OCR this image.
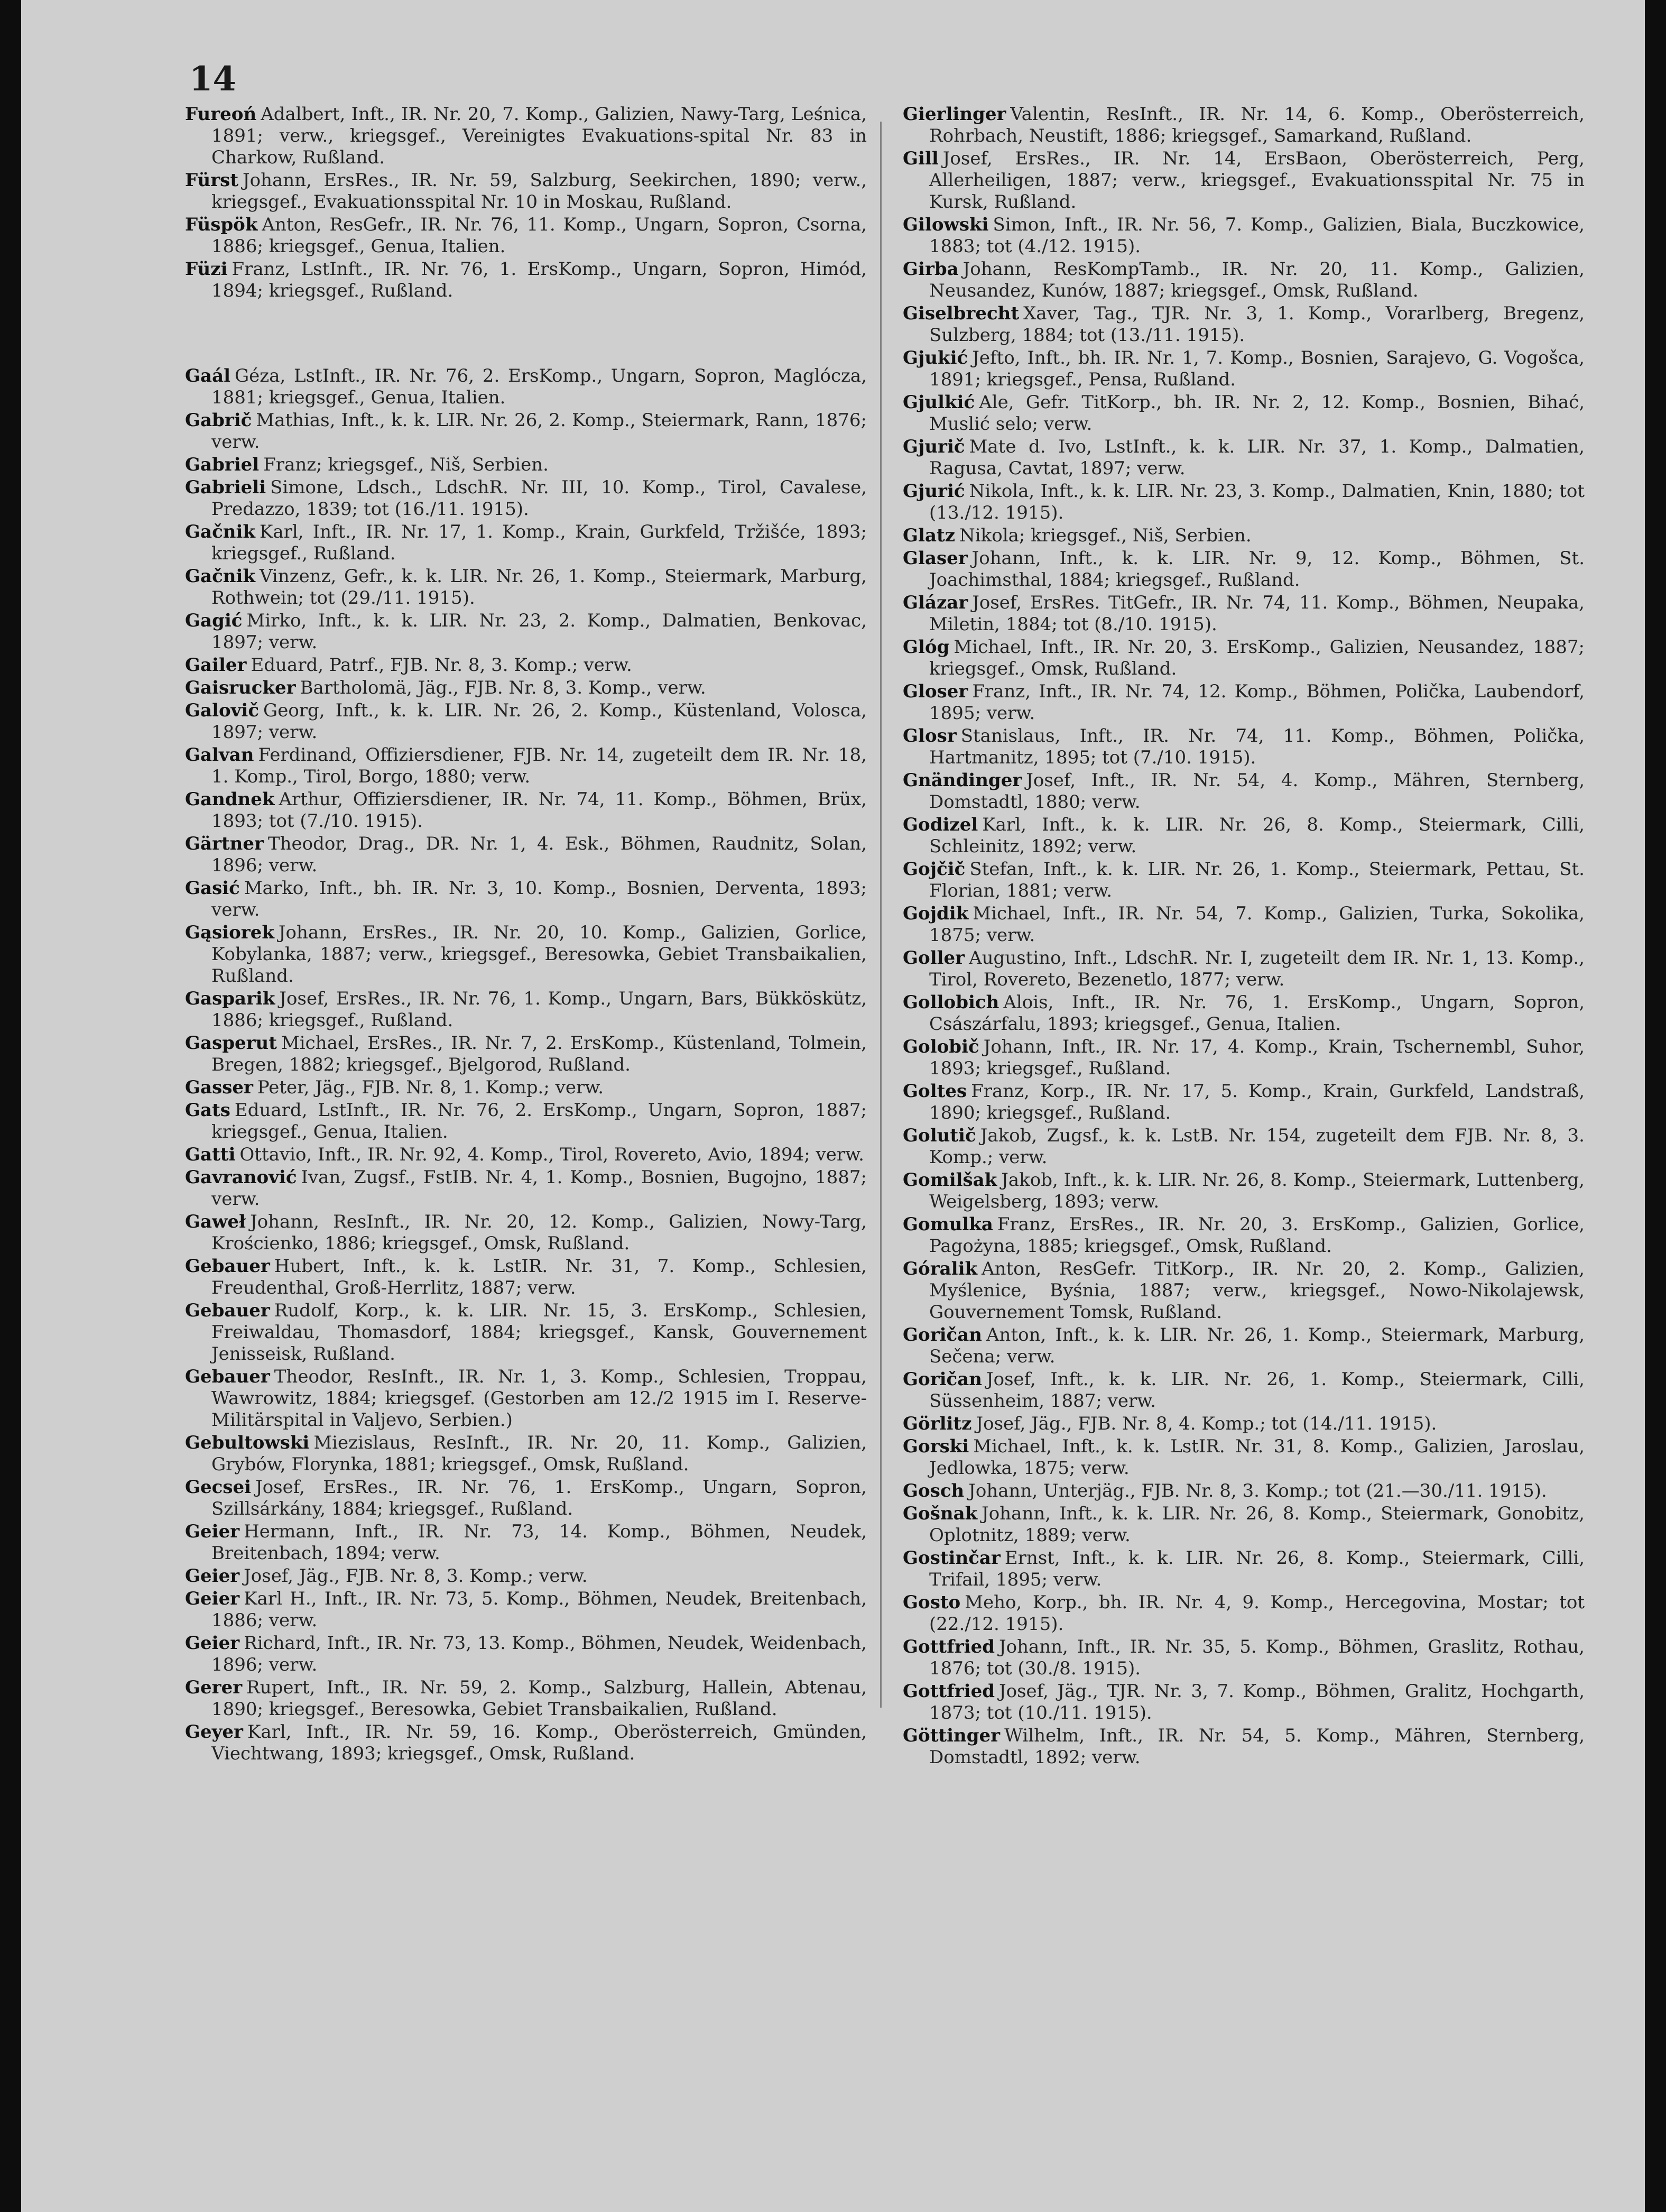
14

Fureoń Adalbert, Inft., IR. Nr. 20, 7. Komp., Galizien, Nawy-Targ, Leśnica, 1891; verw., kriegsgef., Vereinigtes Evakuations-spital Nr. 83 in Charkow, Rußland.

Fürst Johann, ErsRes., IR. Nr. 59, Salzburg, Seekirchen, 1890; verw., kriegsgef., Evakuationsspital Nr. 10 in Moskau, Rußland.

Füspök Anton, ResGefr., IR. Nr. 76, 11. Komp., Ungarn, Sopron, Csorna, 1886; kriegsgef., Genua, Italien.

Füzi Franz, LstInft., IR. Nr. 76, 1. ErsKomp., Ungarn, Sopron, Himód, 1894; kriegsgef., Rußland.

Gaál Géza, LstInft., IR. Nr. 76, 2. ErsKomp., Ungarn, Sopron, Maglócza, 1881; kriegsgef., Genua, Italien.

Gabrič Mathias, Inft., k. k. LIR. Nr. 26, 2. Komp., Steiermark, Rann, 1876; verw.

Gabriel Franz; kriegsgef., Niš, Serbien.

Gabrieli Simone, Ldsch., LdschR. Nr. III, 10. Komp., Tirol, Cavalese, Predazzo, 1839; tot (16./11. 1915).

Gačnik Karl, Inft., IR. Nr. 17, 1. Komp., Krain, Gurkfeld, Tržišće, 1893; kriegsgef., Rußland.

Gačnik Vinzenz, Gefr., k. k. LIR. Nr. 26, 1. Komp., Steiermark, Marburg, Rothwein; tot (29./11. 1915).

Gagić Mirko, Inft., k. k. LIR. Nr. 23, 2. Komp., Dalmatien, Benkovac, 1897; verw.

Gailer Eduard, Patrf., FJB. Nr. 8, 3. Komp.; verw.

Gaisrucker Bartholomä, Jäg., FJB. Nr. 8, 3. Komp., verw.

Galovič Georg, Inft., k. k. LIR. Nr. 26, 2. Komp., Küstenland, Volosca, 1897; verw.

Galvan Ferdinand, Offiziersdiener, FJB. Nr. 14, zugeteilt dem IR. Nr. 18, 1. Komp., Tirol, Borgo, 1880; verw.

Gandnek Arthur, Offiziersdiener, IR. Nr. 74, 11. Komp., Böhmen, Brüx, 1893; tot (7./10. 1915).

Gärtner Theodor, Drag., DR. Nr. 1, 4. Esk., Böhmen, Raudnitz, Solan, 1896; verw.

Gasić Marko, Inft., bh. IR. Nr. 3, 10. Komp., Bosnien, Derventa, 1893; verw.

Gąsiorek Johann, ErsRes., IR. Nr. 20, 10. Komp., Galizien, Gorlice, Kobylanka, 1887; verw., kriegsgef., Beresowka, Gebiet Transbaikalien, Rußland.

Gasparik Josef, ErsRes., IR. Nr. 76, 1. Komp., Ungarn, Bars, Bükköskütz, 1886; kriegsgef., Rußland.

Gasperut Michael, ErsRes., IR. Nr. 7, 2. ErsKomp., Küstenland, Tolmein, Bregen, 1882; kriegsgef., Bjelgorod, Rußland.

Gasser Peter, Jäg., FJB. Nr. 8, 1. Komp.; verw.

Gats Eduard, LstInft., IR. Nr. 76, 2. ErsKomp., Ungarn, Sopron, 1887; kriegsgef., Genua, Italien.

Gatti Ottavio, Inft., IR. Nr. 92, 4. Komp., Tirol, Rovereto, Avio, 1894; verw.

Gavranović Ivan, Zugsf., FstIB. Nr. 4, 1. Komp., Bosnien, Bugojno, 1887; verw.

Gaweł Johann, ResInft., IR. Nr. 20, 12. Komp., Galizien, Nowy-Targ, Krościenko, 1886; kriegsgef., Omsk, Rußland.

Gebauer Hubert, Inft., k. k. LstIR. Nr. 31, 7. Komp., Schlesien, Freudenthal, Groß-Herrlitz, 1887; verw.

Gebauer Rudolf, Korp., k. k. LIR. Nr. 15, 3. ErsKomp., Schlesien, Freiwaldau, Thomasdorf, 1884; kriegsgef., Kansk, Gouvernement Jenisseisk, Rußland.

Gebauer Theodor, ResInft., IR. Nr. 1, 3. Komp., Schlesien, Troppau, Wawrowitz, 1884; kriegsgef. (Gestorben am 12./2 1915 im I. Reserve-Militärspital in Valjevo, Serbien.)

Gebultowski Miezislaus, ResInft., IR. Nr. 20, 11. Komp., Galizien, Grybów, Florynka, 1881; kriegsgef., Omsk, Rußland.

Gecsei Josef, ErsRes., IR. Nr. 76, 1. ErsKomp., Ungarn, Sopron, Szillsárkány, 1884; kriegsgef., Rußland.

Geier Hermann, Inft., IR. Nr. 73, 14. Komp., Böhmen, Neudek, Breitenbach, 1894; verw.

Geier Josef, Jäg., FJB. Nr. 8, 3. Komp.; verw.

Geier Karl H., Inft., IR. Nr. 73, 5. Komp., Böhmen, Neudek, Breitenbach, 1886; verw.

Geier Richard, Inft., IR. Nr. 73, 13. Komp., Böhmen, Neudek, Weidenbach, 1896; verw.

Gerer Rupert, Inft., IR. Nr. 59, 2. Komp., Salzburg, Hallein, Abtenau, 1890; kriegsgef., Beresowka, Gebiet Transbaikalien, Rußland.

Geyer Karl, Inft., IR. Nr. 59, 16. Komp., Oberösterreich, Gmünden, Viechtwang, 1893; kriegsgef., Omsk, Rußland.

Gierlinger Valentin, ResInft., IR. Nr. 14, 6. Komp., Oberösterreich, Rohrbach, Neustift, 1886; kriegsgef., Samarkand, Rußland.

Gill Josef, ErsRes., IR. Nr. 14, ErsBaon, Oberösterreich, Perg, Allerheiligen, 1887; verw., kriegsgef., Evakuationsspital Nr. 75 in Kursk, Rußland.

Gilowski Simon, Inft., IR. Nr. 56, 7. Komp., Galizien, Biala, Buczkowice, 1883; tot (4./12. 1915).

Girba Johann, ResKompTamb., IR. Nr. 20, 11. Komp., Galizien, Neusandez, Kunów, 1887; kriegsgef., Omsk, Rußland.

Giselbrecht Xaver, Tag., TJR. Nr. 3, 1. Komp., Vorarlberg, Bregenz, Sulzberg, 1884; tot (13./11. 1915).

Gjukić Jefto, Inft., bh. IR. Nr. 1, 7. Komp., Bosnien, Sarajevo, G. Vogošca, 1891; kriegsgef., Pensa, Rußland.

Gjulkić Ale, Gefr. TitKorp., bh. IR. Nr. 2, 12. Komp., Bosnien, Bihać, Muslić selo; verw.

Gjurič Mate d. Ivo, LstInft., k. k. LIR. Nr. 37, 1. Komp., Dalmatien, Ragusa, Cavtat, 1897; verw.

Gjurić Nikola, Inft., k. k. LIR. Nr. 23, 3. Komp., Dalmatien, Knin, 1880; tot (13./12. 1915).

Glatz Nikola; kriegsgef., Niš, Serbien.

Glaser Johann, Inft., k. k. LIR. Nr. 9, 12. Komp., Böhmen, St. Joachimsthal, 1884; kriegsgef., Rußland.

Glázar Josef, ErsRes. TitGefr., IR. Nr. 74, 11. Komp., Böhmen, Neupaka, Miletin, 1884; tot (8./10. 1915).

Glóg Michael, Inft., IR. Nr. 20, 3. ErsKomp., Galizien, Neusandez, 1887; kriegsgef., Omsk, Rußland.

Gloser Franz, Inft., IR. Nr. 74, 12. Komp., Böhmen, Polička, Laubendorf, 1895; verw.

Glosr Stanislaus, Inft., IR. Nr. 74, 11. Komp., Böhmen, Polička, Hartmanitz, 1895; tot (7./10. 1915).

Gnändinger Josef, Inft., IR. Nr. 54, 4. Komp., Mähren, Sternberg, Domstadtl, 1880; verw.

Godizel Karl, Inft., k. k. LIR. Nr. 26, 8. Komp., Steiermark, Cilli, Schleinitz, 1892; verw.

Gojčič Stefan, Inft., k. k. LIR. Nr. 26, 1. Komp., Steiermark, Pettau, St. Florian, 1881; verw.

Gojdik Michael, Inft., IR. Nr. 54, 7. Komp., Galizien, Turka, Sokolika, 1875; verw.

Goller Augustino, Inft., LdschR. Nr. I, zugeteilt dem IR. Nr. 1, 13. Komp., Tirol, Rovereto, Bezenetlo, 1877; verw.

Gollobich Alois, Inft., IR. Nr. 76, 1. ErsKomp., Ungarn, Sopron, Császárfalu, 1893; kriegsgef., Genua, Italien.

Golobič Johann, Inft., IR. Nr. 17, 4. Komp., Krain, Tschernembl, Suhor, 1893; kriegsgef., Rußland.

Goltes Franz, Korp., IR. Nr. 17, 5. Komp., Krain, Gurkfeld, Landstraß, 1890; kriegsgef., Rußland.

Golutič Jakob, Zugsf., k. k. LstB. Nr. 154, zugeteilt dem FJB. Nr. 8, 3. Komp.; verw.

Gomilšak Jakob, Inft., k. k. LIR. Nr. 26, 8. Komp., Steiermark, Luttenberg, Weigelsberg, 1893; verw.

Gomulka Franz, ErsRes., IR. Nr. 20, 3. ErsKomp., Galizien, Gorlice, Pagożyna, 1885; kriegsgef., Omsk, Rußland.

Góralik Anton, ResGefr. TitKorp., IR. Nr. 20, 2. Komp., Galizien, Myślenice, Byśnia, 1887; verw., kriegsgef., Nowo-Nikolajewsk, Gouvernement Tomsk, Rußland.

Goričan Anton, Inft., k. k. LIR. Nr. 26, 1. Komp., Steiermark, Marburg, Sečena; verw.

Goričan Josef, Inft., k. k. LIR. Nr. 26, 1. Komp., Steiermark, Cilli, Süssenheim, 1887; verw.

Görlitz Josef, Jäg., FJB. Nr. 8, 4. Komp.; tot (14./11. 1915).

Gorski Michael, Inft., k. k. LstIR. Nr. 31, 8. Komp., Galizien, Jaroslau, Jedlowka, 1875; verw.

Gosch Johann, Unterjäg., FJB. Nr. 8, 3. Komp.; tot (21.—30./11. 1915).

Gošnak Johann, Inft., k. k. LIR. Nr. 26, 8. Komp., Steiermark, Gonobitz, Oplotnitz, 1889; verw.

Gostinčar Ernst, Inft., k. k. LIR. Nr. 26, 8. Komp., Steiermark, Cilli, Trifail, 1895; verw.

Gosto Meho, Korp., bh. IR. Nr. 4, 9. Komp., Hercegovina, Mostar; tot (22./12. 1915).

Gottfried Johann, Inft., IR. Nr. 35, 5. Komp., Böhmen, Graslitz, Rothau, 1876; tot (30./8. 1915).

Gottfried Josef, Jäg., TJR. Nr. 3, 7. Komp., Böhmen, Gralitz, Hochgarth, 1873; tot (10./11. 1915).

Göttinger Wilhelm, Inft., IR. Nr. 54, 5. Komp., Mähren, Sternberg, Domstadtl, 1892; verw.
